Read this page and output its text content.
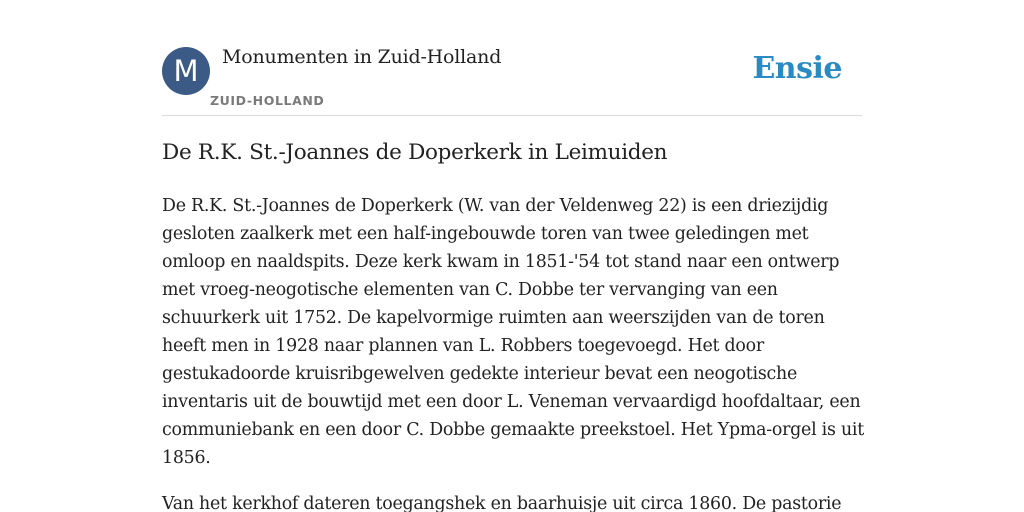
M	Monumenten in Zuid-Holland
ZUID-HOLLAND
Ensie
De R.K. St.-Joannes de Doperkerk in Leimuiden

De R.K. St.-Joannes de Doperkerk (W. van der Veldenweg 22) is een driezijdig gesloten zaalkerk met een half-ingebouwde toren van twee geledingen met omloop en naaldspits. Deze kerk kwam in 1851-'54 tot stand naar een ontwerp met vroeg-neogotische elementen van C. Dobbe ter vervanging van een schuurkerk uit 1752. De kapelvormige ruimten aan weerszijden van de toren heeft men in 1928 naar plannen van L. Robbers toegevoegd. Het door gestukadoorde kruisribgewelven gedekte interieur bevat een neogotische inventaris uit de bouwtijd met een door L. Veneman vervaardigd hoofdaltaar, een communiebank en een door C. Dobbe gemaakte preekstoel. Het Ypma-orgel is uit 1856.

Van het kerkhof dateren toegangshek en baarhuisje uit circa 1860. De pastorie
